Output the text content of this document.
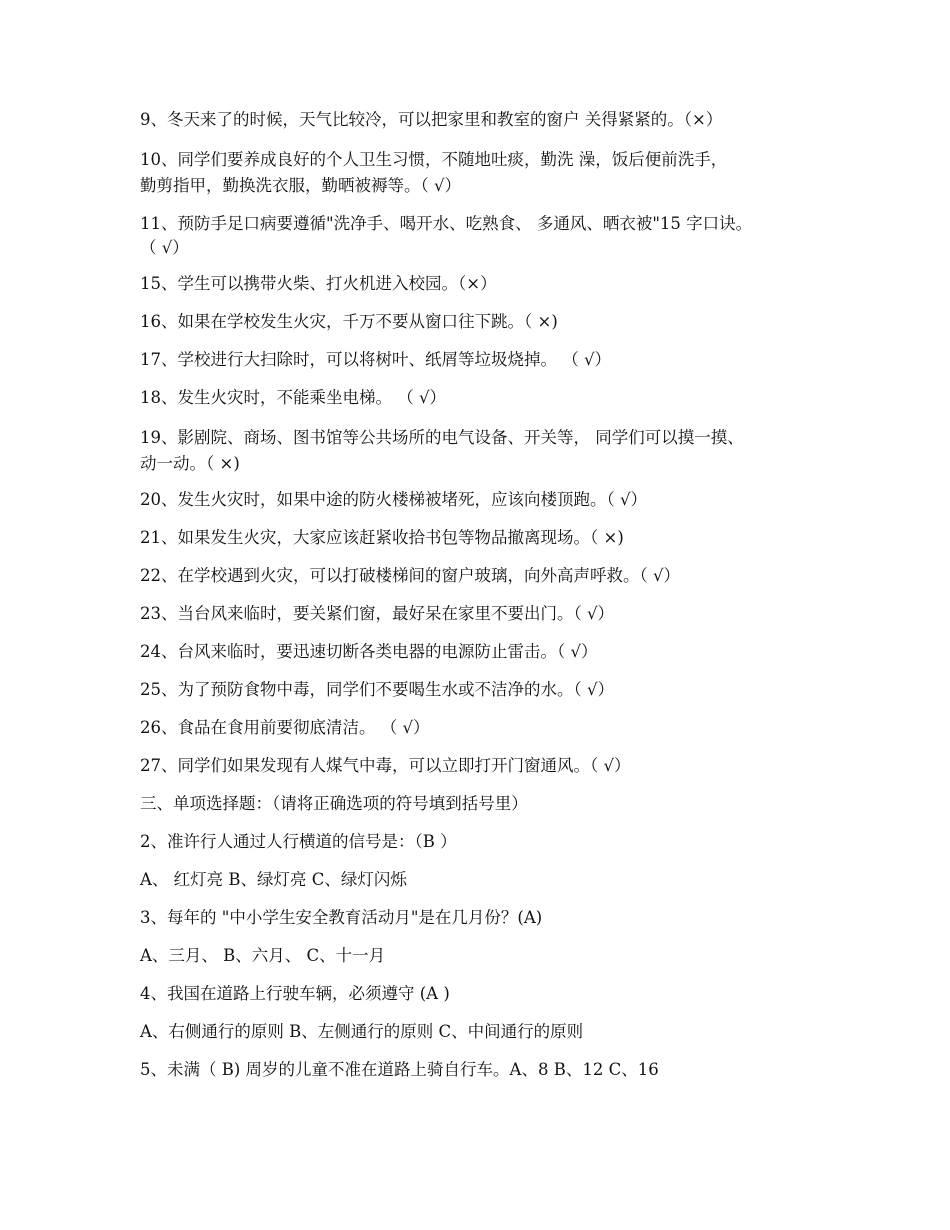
9、冬天来了的时候，天气比较冷，可以把家里和教室的窗户 关得紧紧的。（×）
10、同学们要养成良好的个人卫生习惯，不随地吐痰，勤洗 澡，饭后便前洗手，
勤剪指甲，勤换洗衣服，勤晒被褥等。（ √）
11、预防手足口病要遵循"洗净手、喝开水、吃熟食、 多通风、晒衣被"15 字口诀。
（ √）
15、学生可以携带火柴、打火机进入校园。（×）
16、如果在学校发生火灾，千万不要从窗口往下跳。（ ×)
17、学校进行大扫除时，可以将树叶、纸屑等垃圾烧掉。 （ √）
18、发生火灾时，不能乘坐电梯。 （ √）
19、影剧院、商场、图书馆等公共场所的电气设备、开关等， 同学们可以摸一摸、
动一动。（ ×)
20、发生火灾时，如果中途的防火楼梯被堵死，应该向楼顶跑。（ √）
21、如果发生火灾，大家应该赶紧收拾书包等物品撤离现场。（ ×)
22、在学校遇到火灾，可以打破楼梯间的窗户玻璃，向外高声呼救。（ √）
23、当台风来临时，要关紧们窗，最好呆在家里不要出门。（ √）
24、台风来临时，要迅速切断各类电器的电源防止雷击。（ √）
25、为了预防食物中毒，同学们不要喝生水或不洁净的水。（ √）
26、食品在食用前要彻底清洁。 （ √）
27、同学们如果发现有人煤气中毒，可以立即打开门窗通风。（ √）
三、单项选择题：（请将正确选项的符号填到括号里）
2、准许行人通过人行横道的信号是：（B ）
A、 红灯亮 B、绿灯亮 C、绿灯闪烁
3、每年的 "中小学生安全教育活动月"是在几月份？(A)
A、三月、 B、六月、 C、十一月
4、我国在道路上行驶车辆，必须遵守 (A )
A、右侧通行的原则 B、左侧通行的原则 C、中间通行的原则
5、未满（ B) 周岁的儿童不准在道路上骑自行车。A、8 B、12 C、16
